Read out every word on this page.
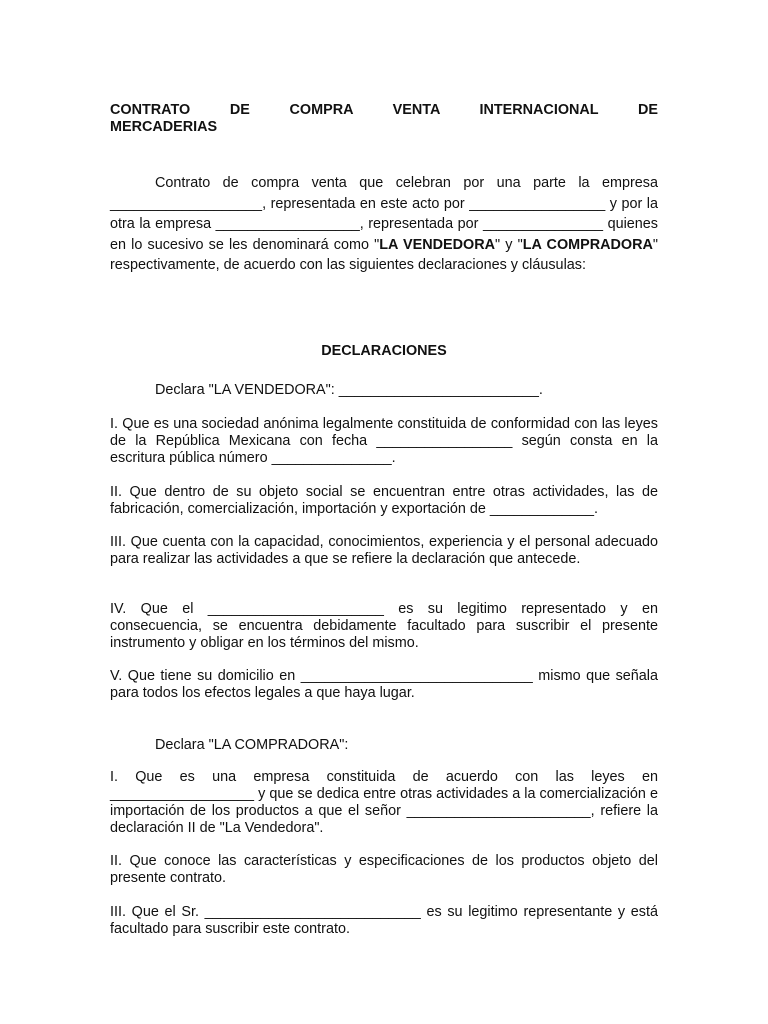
CONTRATO DE COMPRA VENTA INTERNACIONAL DE MERCADERIAS

Contrato de compra venta que celebran por una parte la empresa ___________________, representada en este acto por _________________ y por la otra la empresa __________________, representada por _______________ quienes en lo sucesivo se les denominará como "LA VENDEDORA" y "LA COMPRADORA" respectivamente, de acuerdo con las siguientes declaraciones y cláusulas:

DECLARACIONES

Declara "LA VENDEDORA": _________________________.

I. Que es una sociedad anónima legalmente constituida de conformidad con las leyes de la República Mexicana con fecha _________________ según consta en la escritura pública número _______________.

II. Que dentro de su objeto social se encuentran entre otras actividades, las de fabricación, comercialización, importación y exportación de _____________.

III. Que cuenta con la capacidad, conocimientos, experiencia y el personal adecuado para realizar las actividades a que se refiere la declaración que antecede.

IV. Que el ______________________ es su legitimo representado y en consecuencia, se encuentra debidamente facultado para suscribir el presente instrumento y obligar en los términos del mismo.

V. Que tiene su domicilio en _____________________________ mismo que señala para todos los efectos legales a que haya lugar.

Declara "LA COMPRADORA":

I. Que es una empresa constituida de acuerdo con las leyes en __________________ y que se dedica entre otras actividades a la comercialización e importación de los productos a que el señor _______________________, refiere la declaración II de "La Vendedora".

II. Que conoce las características y especificaciones de los productos objeto del presente contrato.

III. Que el Sr. ___________________________ es su legitimo representante y está facultado para suscribir este contrato.
